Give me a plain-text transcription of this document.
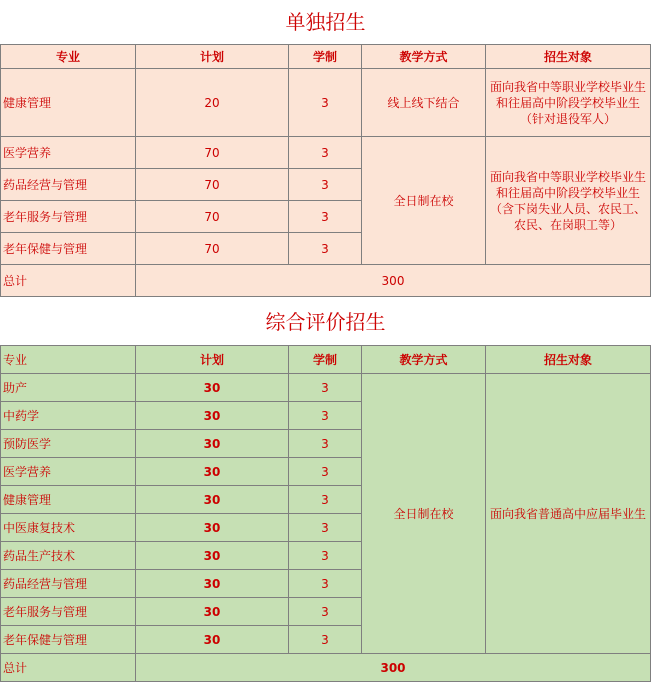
单独招生
专业	计划	学制	教学方式	招生对象
健康管理	20	3	线上线下结合	面向我省中等职业学校毕业生和往届高中阶段学校毕业生（针对退役军人）
医学营养	70	3	全日制在校	面向我省中等职业学校毕业生和往届高中阶段学校毕业生（含下岗失业人员、农民工、农民、在岗职工等）
药品经营与管理	70	3		
老年服务与管理	70	3		
老年保健与管理	70	3		
总计	300			
综合评价招生
专业	计划	学制	教学方式	招生对象
助产	30	3	全日制在校	面向我省普通高中应届毕业生
中药学	30	3		
预防医学	30	3		
医学营养	30	3		
健康管理	30	3		
中医康复技术	30	3		
药品生产技术	30	3		
药品经营与管理	30	3		
老年服务与管理	30	3		
老年保健与管理	30	3		
总计	300			
